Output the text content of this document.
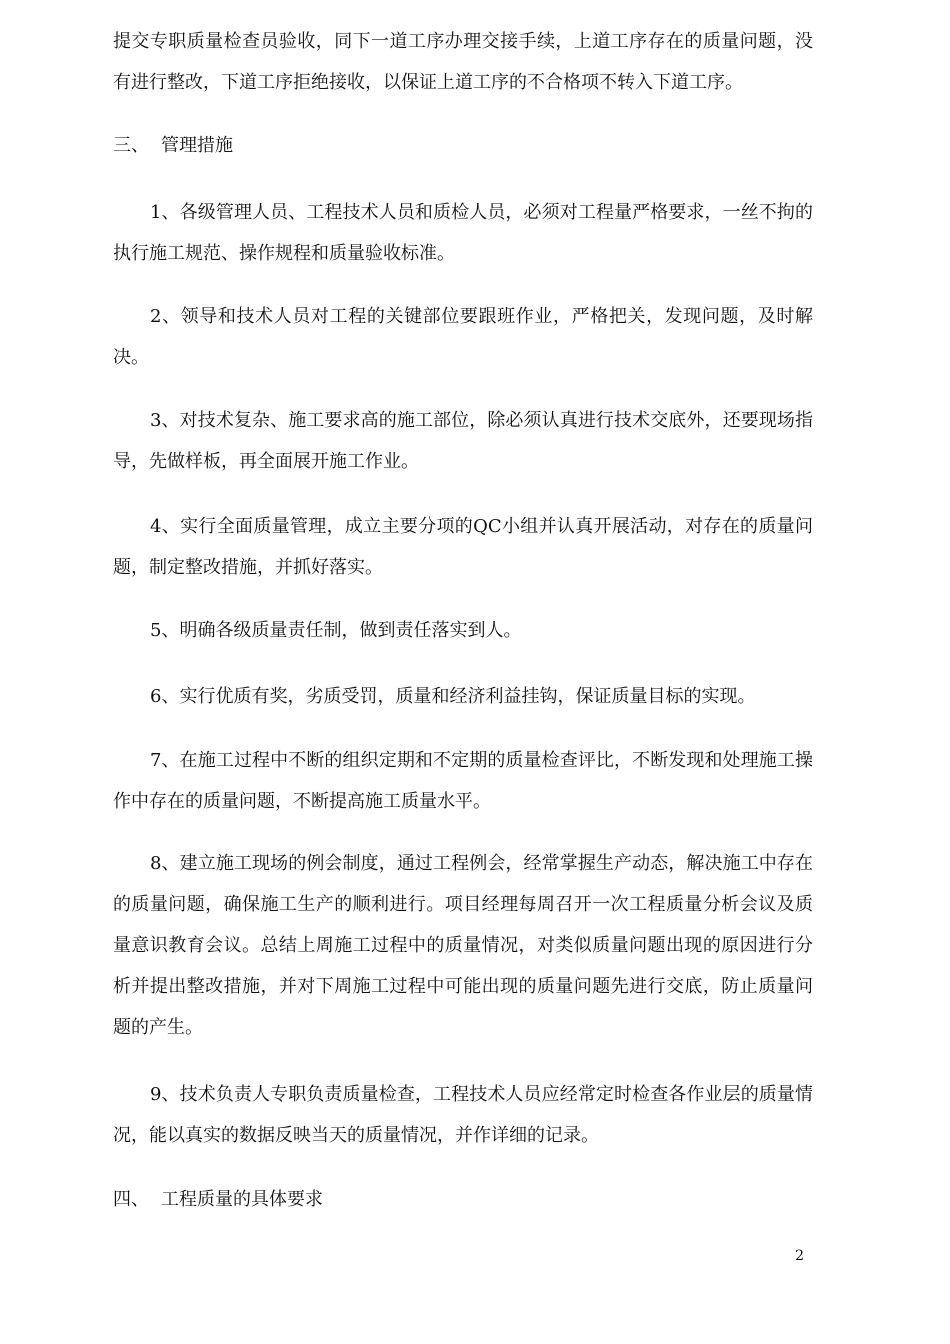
提交专职质量检查员验收，同下一道工序办理交接手续，上道工序存在的质量问题，没有进行整改，下道工序拒绝接收，以保证上道工序的不合格项不转入下道工序。

三、 管理措施

1、各级管理人员、工程技术人员和质检人员，必须对工程量严格要求，一丝不拘的执行施工规范、操作规程和质量验收标准。

2、领导和技术人员对工程的关键部位要跟班作业，严格把关，发现问题，及时解决。

3、对技术复杂、施工要求高的施工部位，除必须认真进行技术交底外，还要现场指导，先做样板，再全面展开施工作业。

4、实行全面质量管理，成立主要分项的QC小组并认真开展活动，对存在的质量问题，制定整改措施，并抓好落实。

5、明确各级质量责任制，做到责任落实到人。

6、实行优质有奖，劣质受罚，质量和经济利益挂钩，保证质量目标的实现。

7、在施工过程中不断的组织定期和不定期的质量检查评比，不断发现和处理施工操作中存在的质量问题，不断提高施工质量水平。

8、建立施工现场的例会制度，通过工程例会，经常掌握生产动态，解决施工中存在的质量问题，确保施工生产的顺利进行。项目经理每周召开一次工程质量分析会议及质量意识教育会议。总结上周施工过程中的质量情况，对类似质量问题出现的原因进行分析并提出整改措施，并对下周施工过程中可能出现的质量问题先进行交底，防止质量问题的产生。

9、技术负责人专职负责质量检查，工程技术人员应经常定时检查各作业层的质量情况，能以真实的数据反映当天的质量情况，并作详细的记录。

四、 工程质量的具体要求
2
